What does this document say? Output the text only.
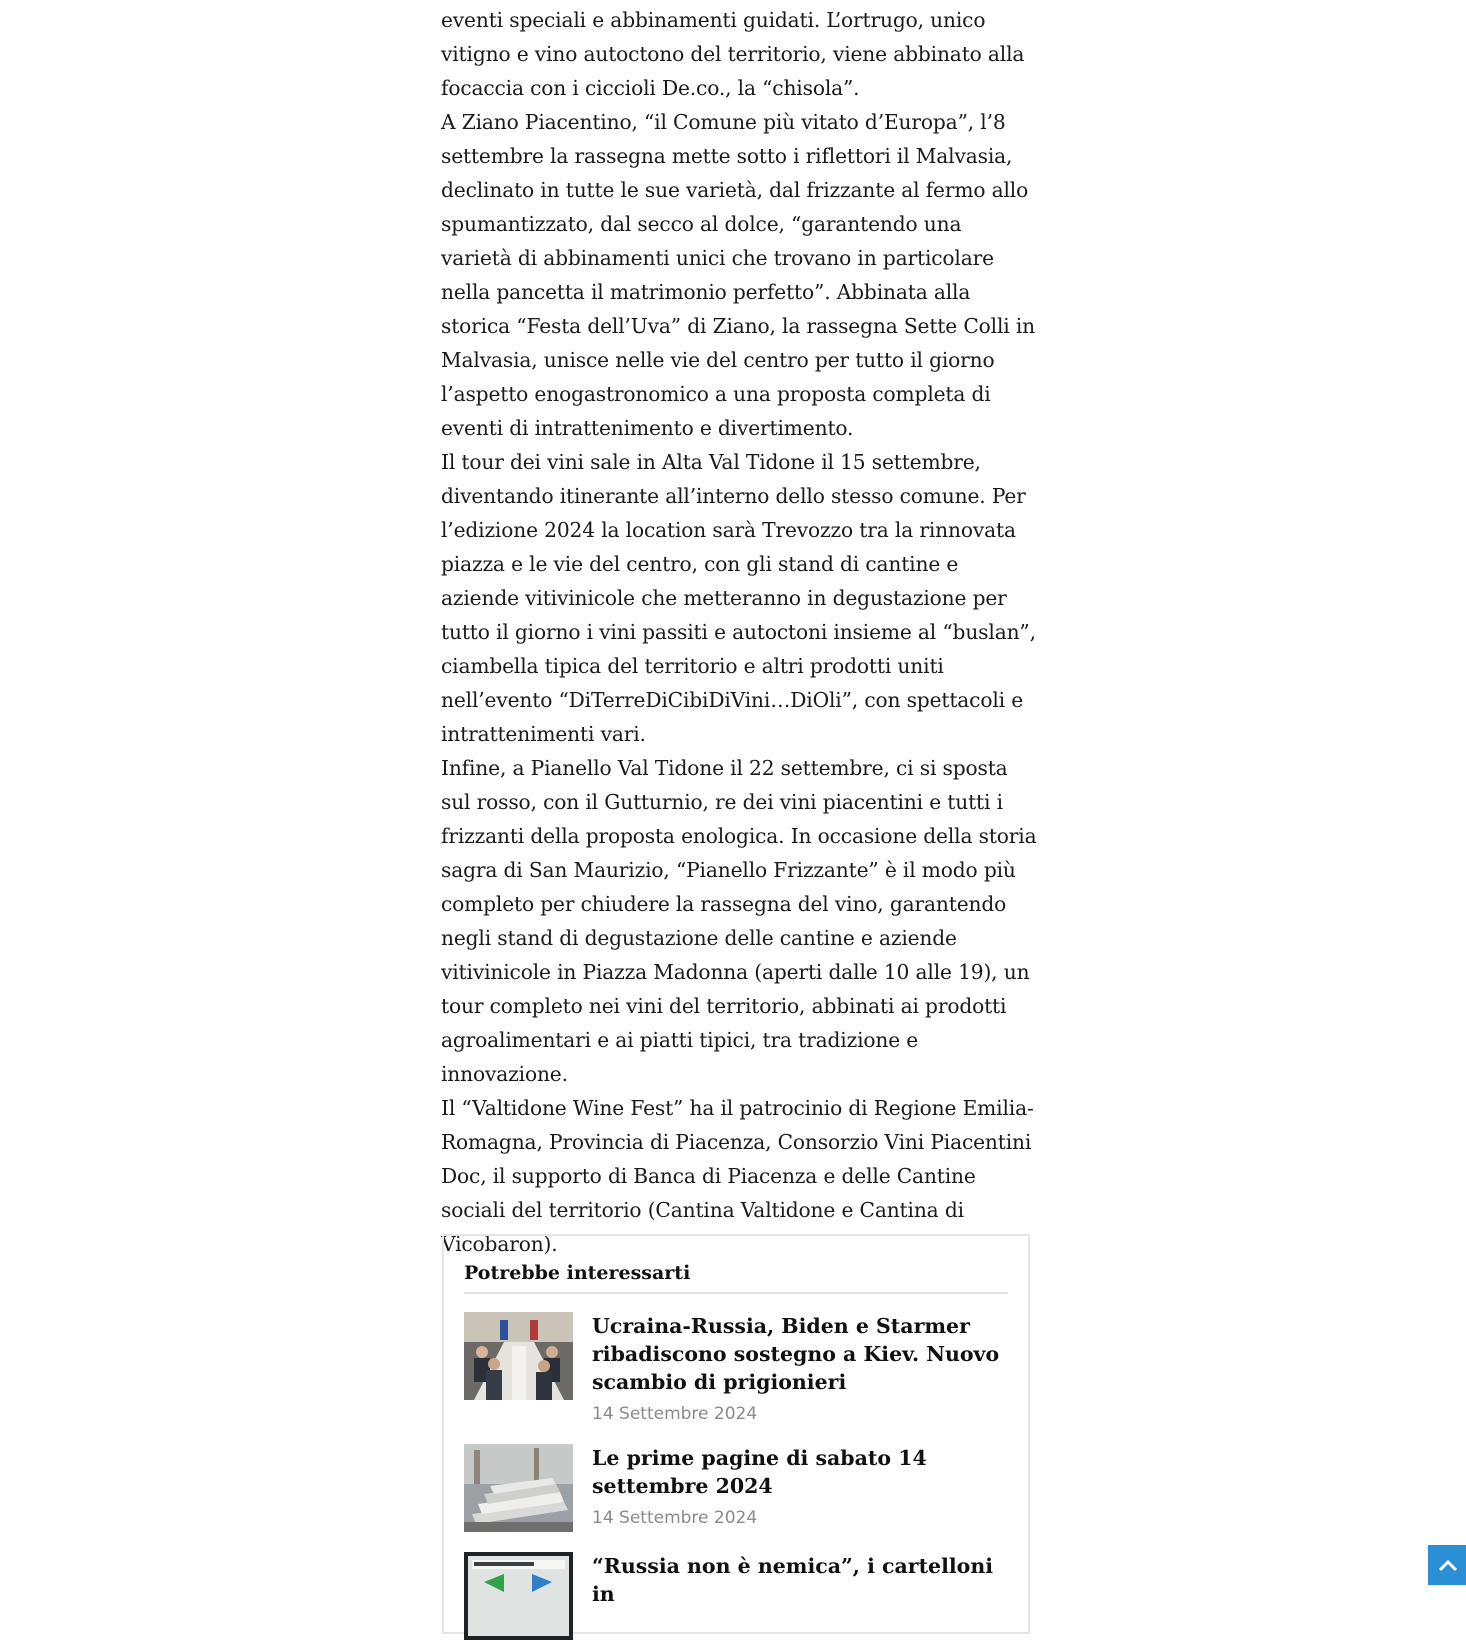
eventi speciali e abbinamenti guidati. L’ortrugo, unico vitigno e vino autoctono del territorio, viene abbinato alla focaccia con i ciccioli De.co., la “chisola”.

A Ziano Piacentino, “il Comune più vitato d’Europa”, l’8 settembre la rassegna mette sotto i riflettori il Malvasia, declinato in tutte le sue varietà, dal frizzante al fermo allo spumantizzato, dal secco al dolce, “garantendo una varietà di abbinamenti unici che trovano in particolare nella pancetta il matrimonio perfetto”. Abbinata alla storica “Festa dell’Uva” di Ziano, la rassegna Sette Colli in Malvasia, unisce nelle vie del centro per tutto il giorno l’aspetto enogastronomico a una proposta completa di eventi di intrattenimento e divertimento.

Il tour dei vini sale in Alta Val Tidone il 15 settembre, diventando itinerante all’interno dello stesso comune. Per l’edizione 2024 la location sarà Trevozzo tra la rinnovata piazza e le vie del centro, con gli stand di cantine e aziende vitivinicole che metteranno in degustazione per tutto il giorno i vini passiti e autoctoni insieme al “buslan”, ciambella tipica del territorio e altri prodotti uniti nell’evento “DiTerreDiCibiDiVini…DiOli”, con spettacoli e intrattenimenti vari.

Infine, a Pianello Val Tidone il 22 settembre, ci si sposta sul rosso, con il Gutturnio, re dei vini piacentini e tutti i frizzanti della proposta enologica. In occasione della storia sagra di San Maurizio, “Pianello Frizzante” è il modo più completo per chiudere la rassegna del vino, garantendo negli stand di degustazione delle cantine e aziende vitivinicole in Piazza Madonna (aperti dalle 10 alle 19), un tour completo nei vini del territorio, abbinati ai prodotti agroalimentari e ai piatti tipici, tra tradizione e innovazione.

Il “Valtidone Wine Fest” ha il patrocinio di Regione Emilia-Romagna, Provincia di Piacenza, Consorzio Vini Piacentini Doc, il supporto di Banca di Piacenza e delle Cantine sociali del territorio (Cantina Valtidone e Cantina di Vicobaron).

Potrebbe interessarti

Ucraina-Russia, Biden e Starmer ribadiscono sostegno a Kiev. Nuovo scambio di prigionieri

14 Settembre 2024

Le prime pagine di sabato 14 settembre 2024

14 Settembre 2024

“Russia non è nemica”, i cartelloni in
